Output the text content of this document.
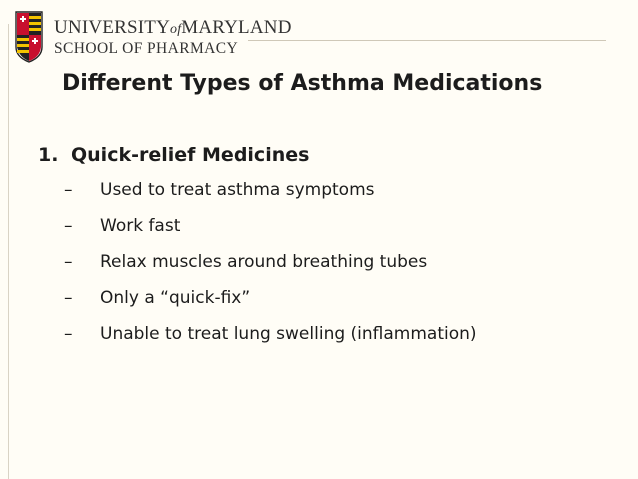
UNIVERSITYofMARYLAND
SCHOOL OF PHARMACY
Different Types of Asthma Medications
1. Quick-relief Medicines
– Used to treat asthma symptoms
– Work fast
– Relax muscles around breathing tubes
– Only a “quick-fix”
– Unable to treat lung swelling (inflammation)
